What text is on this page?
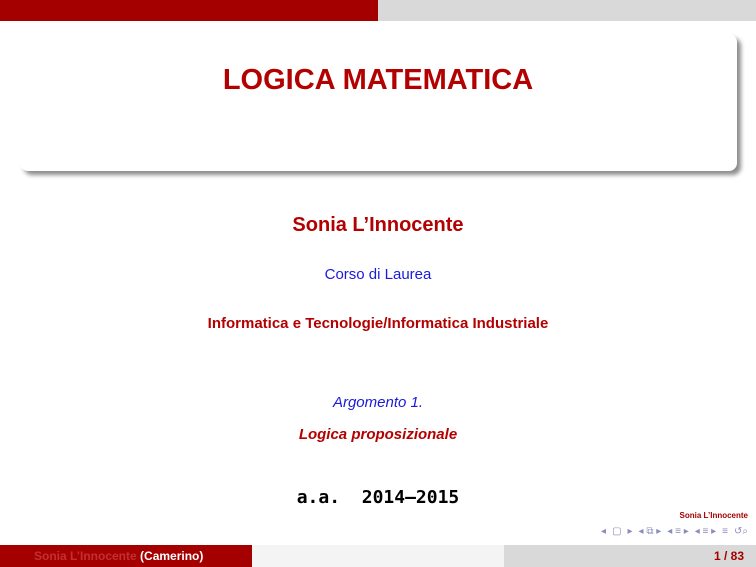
LOGICA MATEMATICA
Sonia L’Innocente
Corso di Laurea
Informatica e Tecnologie/Informatica Industriale
Argomento 1.
Logica proposizionale
a.a.  2014–2015
Sonia L’Innocente
◂ ▢ ▸ ◂ ⧉ ▸ ◂ ≡ ▸ ◂ ≡ ▸ ≡ ↺⌕
Sonia L’Innocente (Camerino)	1 / 83
